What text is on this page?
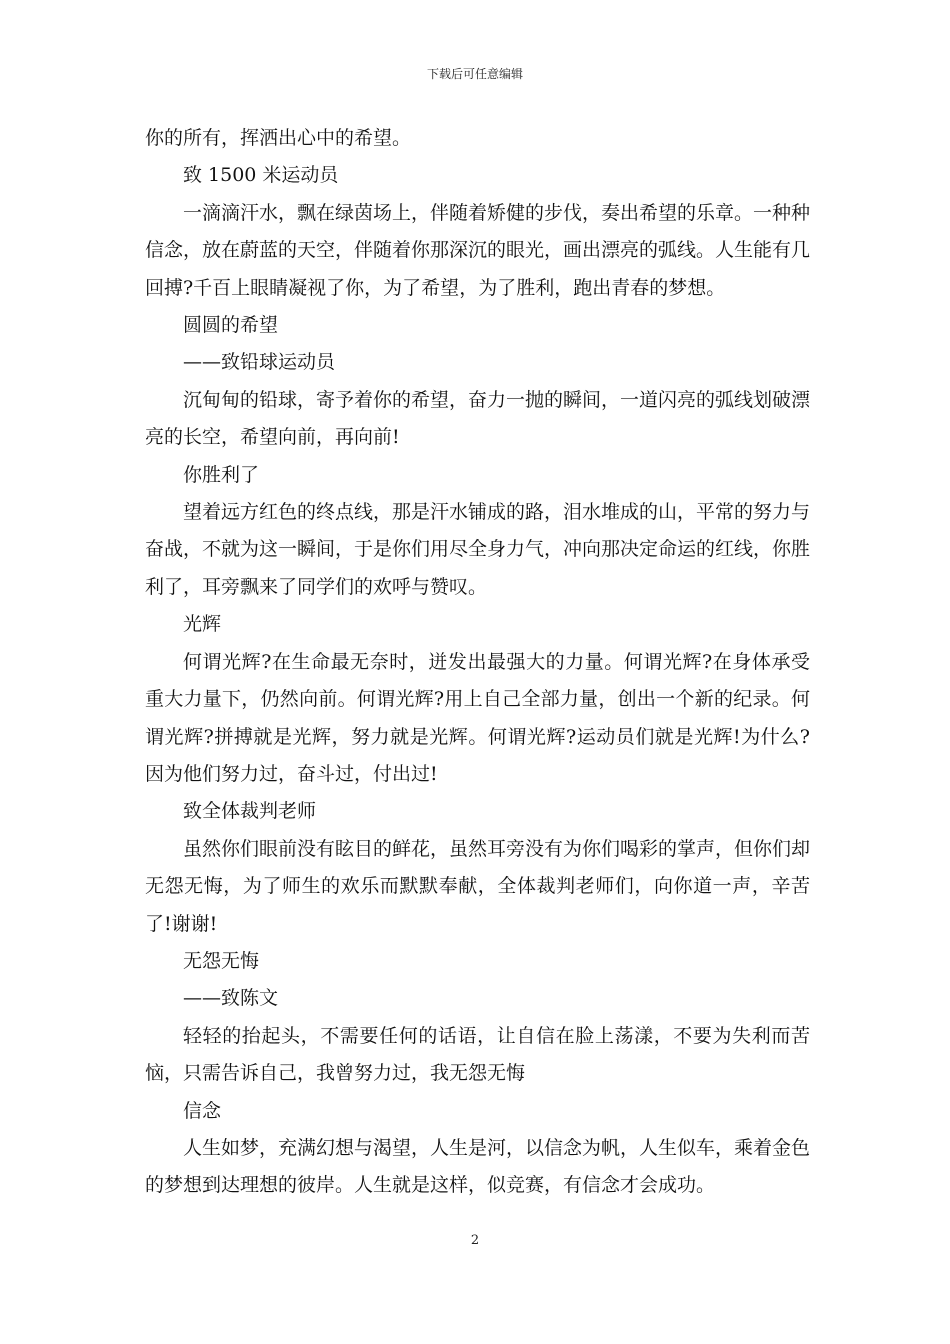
下载后可任意编辑

你的所有，挥洒出心中的希望。

致 1500 米运动员

一滴滴汗水，飘在绿茵场上，伴随着矫健的步伐，奏出希望的乐章。一种种信念，放在蔚蓝的天空，伴随着你那深沉的眼光，画出漂亮的弧线。人生能有几回搏?千百上眼睛凝视了你，为了希望，为了胜利，跑出青春的梦想。

圆圆的希望

——致铅球运动员

沉甸甸的铅球，寄予着你的希望，奋力一抛的瞬间，一道闪亮的弧线划破漂亮的长空，希望向前，再向前!

你胜利了

望着远方红色的终点线，那是汗水铺成的路，泪水堆成的山，平常的努力与奋战，不就为这一瞬间，于是你们用尽全身力气，冲向那决定命运的红线，你胜利了，耳旁飘来了同学们的欢呼与赞叹。

光辉

何谓光辉?在生命最无奈时，迸发出最强大的力量。何谓光辉?在身体承受重大力量下，仍然向前。何谓光辉?用上自己全部力量，创出一个新的纪录。何谓光辉?拼搏就是光辉，努力就是光辉。何谓光辉?运动员们就是光辉!为什么?因为他们努力过，奋斗过，付出过!

致全体裁判老师

虽然你们眼前没有眩目的鲜花，虽然耳旁没有为你们喝彩的掌声，但你们却无怨无悔，为了师生的欢乐而默默奉献，全体裁判老师们，向你道一声，辛苦了!谢谢!

无怨无悔

——致陈文

轻轻的抬起头，不需要任何的话语，让自信在脸上荡漾，不要为失利而苦恼，只需告诉自己，我曾努力过，我无怨无悔

信念

人生如梦，充满幻想与渴望，人生是河，以信念为帆，人生似车，乘着金色的梦想到达理想的彼岸。人生就是这样，似竞赛，有信念才会成功。

2
